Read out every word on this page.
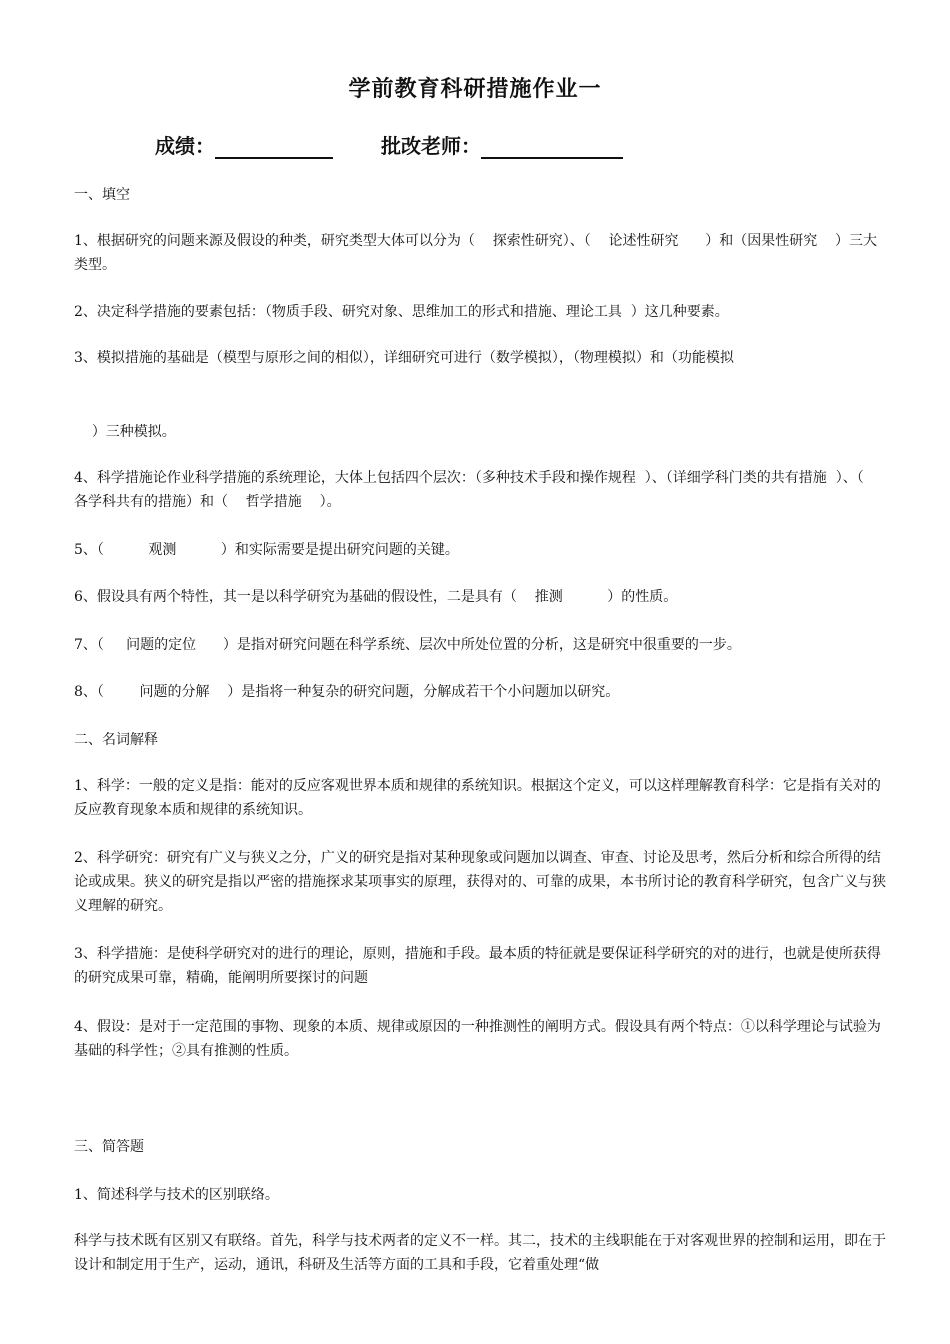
学前教育科研措施作业一
成绩：	批改老师：
一、填空
1、根据研究的问题来源及假设的种类，研究类型大体可以分为（    探索性研究）、（    论述性研究      ）和（因果性研究    ）三大类型。
2、决定科学措施的要素包括：（物质手段、研究对象、思维加工的形式和措施、理论工具  ）这几种要素。
3、模拟措施的基础是（模型与原形之间的相似），详细研究可进行（数学模拟），（物理模拟）和（功能模拟
）三种模拟。
4、科学措施论作业科学措施的系统理论，大体上包括四个层次：（多种技术手段和操作规程  ）、（详细学科门类的共有措施  ）、（    各学科共有的措施）和（    哲学措施    ）。
5、（          观测          ）和实际需要是提出研究问题的关键。
6、假设具有两个特性，其一是以科学研究为基础的假设性，二是具有（    推测          ）的性质。
7、（     问题的定位      ）是指对研究问题在科学系统、层次中所处位置的分析，这是研究中很重要的一步。
8、（        问题的分解    ）是指将一种复杂的研究问题，分解成若干个小问题加以研究。
二、名词解释
1、科学：一般的定义是指：能对的反应客观世界本质和规律的系统知识。根据这个定义，可以这样理解教育科学：它是指有关对的反应教育现象本质和规律的系统知识。
2、科学研究：研究有广义与狭义之分，广义的研究是指对某种现象或问题加以调查、审查、讨论及思考，然后分析和综合所得的结论或成果。狭义的研究是指以严密的措施探求某项事实的原理，获得对的、可靠的成果，本书所讨论的教育科学研究，包含广义与狭义理解的研究。
3、科学措施：是使科学研究对的进行的理论，原则，措施和手段。最本质的特征就是要保证科学研究的对的进行，也就是使所获得的研究成果可靠，精确，能阐明所要探讨的问题
4、假设：是对于一定范围的事物、现象的本质、规律或原因的一种推测性的阐明方式。假设具有两个特点：①以科学理论与试验为基础的科学性；②具有推测的性质。
三、简答题
1、简述科学与技术的区别联络。
科学与技术既有区别又有联络。首先，科学与技术两者的定义不一样。其二，技术的主线职能在于对客观世界的控制和运用，即在于设计和制定用于生产，运动，通讯，科研及生活等方面的工具和手段，它着重处理“做
